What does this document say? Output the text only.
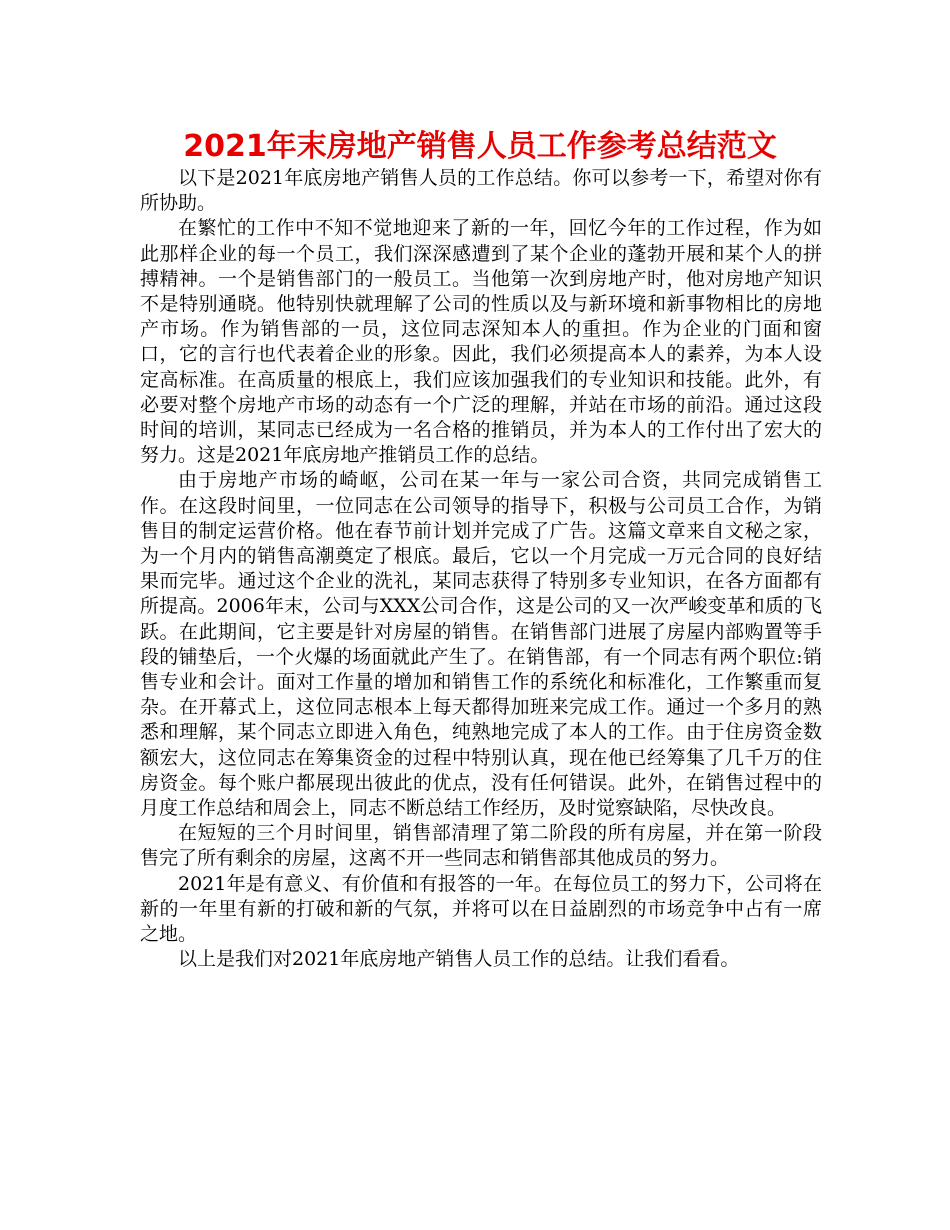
2021年末房地产销售人员工作参考总结范文

以下是2021年底房地产销售人员的工作总结。你可以参考一下，希望对你有所协助。

在繁忙的工作中不知不觉地迎来了新的一年，回忆今年的工作过程，作为如此那样企业的每一个员工，我们深深感遭到了某个企业的蓬勃开展和某个人的拼搏精神。一个是销售部门的一般员工。当他第一次到房地产时，他对房地产知识不是特别通晓。他特别快就理解了公司的性质以及与新环境和新事物相比的房地产市场。作为销售部的一员，这位同志深知本人的重担。作为企业的门面和窗口，它的言行也代表着企业的形象。因此，我们必须提高本人的素养，为本人设定高标准。在高质量的根底上，我们应该加强我们的专业知识和技能。此外，有必要对整个房地产市场的动态有一个广泛的理解，并站在市场的前沿。通过这段时间的培训，某同志已经成为一名合格的推销员，并为本人的工作付出了宏大的努力。这是2021年底房地产推销员工作的总结。

由于房地产市场的崎岖，公司在某一年与一家公司合资，共同完成销售工作。在这段时间里，一位同志在公司领导的指导下，积极与公司员工合作，为销售目的制定运营价格。他在春节前计划并完成了广告。这篇文章来自文秘之家，为一个月内的销售高潮奠定了根底。最后，它以一个月完成一万元合同的良好结果而完毕。通过这个企业的洗礼，某同志获得了特别多专业知识，在各方面都有所提高。2006年末，公司与XXX公司合作，这是公司的又一次严峻变革和质的飞跃。在此期间，它主要是针对房屋的销售。在销售部门进展了房屋内部购置等手段的铺垫后，一个火爆的场面就此产生了。在销售部，有一个同志有两个职位:销售专业和会计。面对工作量的增加和销售工作的系统化和标准化，工作繁重而复杂。在开幕式上，这位同志根本上每天都得加班来完成工作。通过一个多月的熟悉和理解，某个同志立即进入角色，纯熟地完成了本人的工作。由于住房资金数额宏大，这位同志在筹集资金的过程中特别认真，现在他已经筹集了几千万的住房资金。每个账户都展现出彼此的优点，没有任何错误。此外，在销售过程中的月度工作总结和周会上，同志不断总结工作经历，及时觉察缺陷，尽快改良。

在短短的三个月时间里，销售部清理了第二阶段的所有房屋，并在第一阶段售完了所有剩余的房屋，这离不开一些同志和销售部其他成员的努力。

2021年是有意义、有价值和有报答的一年。在每位员工的努力下，公司将在新的一年里有新的打破和新的气氛，并将可以在日益剧烈的市场竞争中占有一席之地。

以上是我们对2021年底房地产销售人员工作的总结。让我们看看。
